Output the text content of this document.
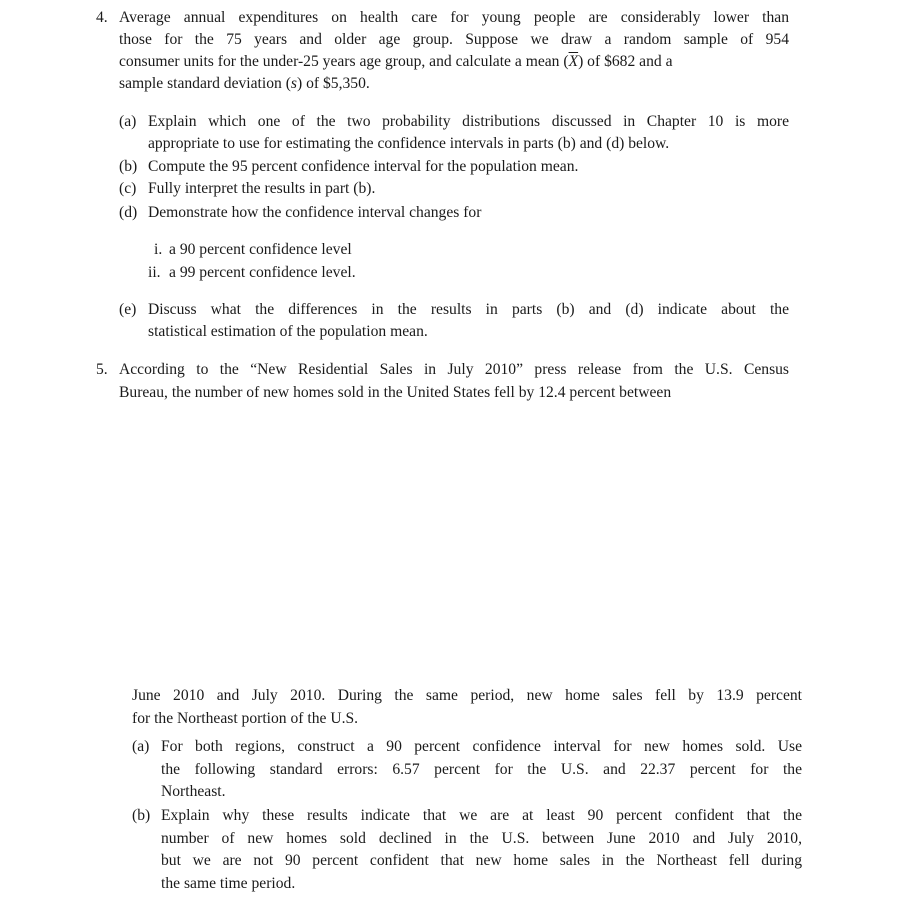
4. Average annual expenditures on health care for young people are considerably lower than
those for the 75 years and older age group. Suppose we draw a random sample of 954
consumer units for the under-25 years age group, and calculate a mean $(\overline{X})$ of $682 and a
sample standard deviation (s) of $5,350.
(a) Explain which one of the two probability distributions discussed in Chapter 10 is more
appropriate to use for estimating the confidence intervals in parts (b) and (d) below.
(b) Compute the 95 percent confidence interval for the population mean.
(c) Fully interpret the results in part (b).
(d) Demonstrate how the confidence interval changes for
i. a 90 percent confidence level
ii. a 99 percent confidence level.
(e) Discuss what the differences in the results in parts (b) and (d) indicate about the
statistical estimation of the population mean.
5. According to the “New Residential Sales in July 2010” press release from the U.S. Census
Bureau, the number of new homes sold in the United States fell by 12.4 percent between
June 2010 and July 2010. During the same period, new home sales fell by 13.9 percent
for the Northeast portion of the U.S.
(a) For both regions, construct a 90 percent confidence interval for new homes sold. Use
the following standard errors: 6.57 percent for the U.S. and 22.37 percent for the
Northeast.
(b) Explain why these results indicate that we are at least 90 percent confident that the
number of new homes sold declined in the U.S. between June 2010 and July 2010,
but we are not 90 percent confident that new home sales in the Northeast fell during
the same time period.
